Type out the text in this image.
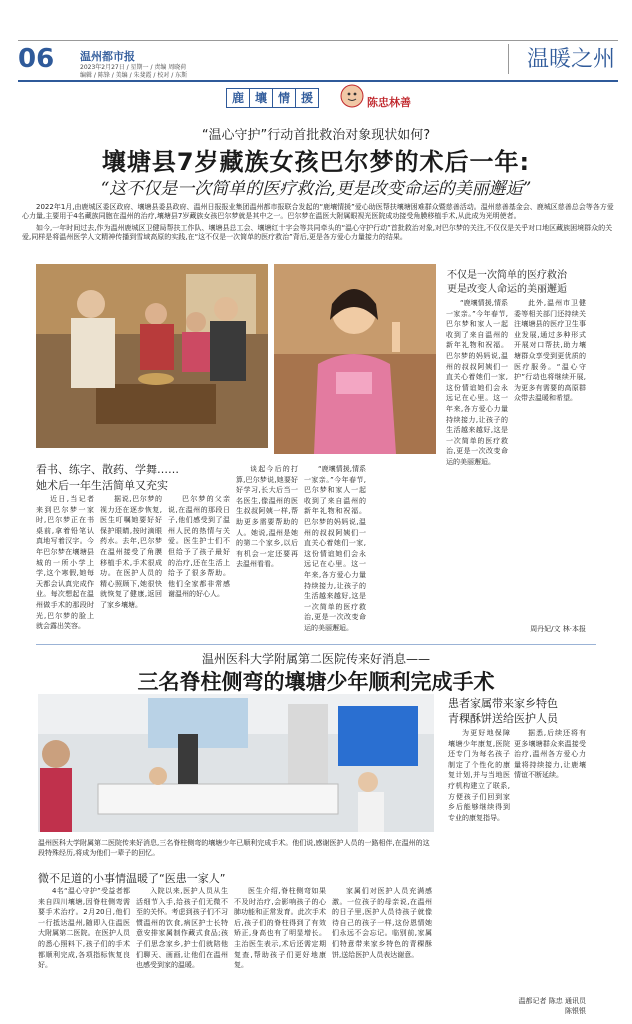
06 温州都市报
2023年2月27日 / 星期一 / 责编 周晓荷
编辑 / 陈锋 / 美编 / 朱斐霞 / 校对 / 东斯
温暖之州
鹿 壤 情 援	陈忠林善
“温心守护”行动首批救治对象现状如何?
壤塘县7岁藏族女孩巴尔梦的术后一年:
“这不仅是一次简单的医疗救治,更是改变命运的美丽邂逅”
2022年1月,由鹿城区委区政府、壤塘县委县政府、温州日报报业集团温州都市报联合发起的“鹿壤情援”爱心助医帮扶壤塘困难群众暨慈善活动。温州慈善基金会、鹿城区慈善总会等各方爱心力量,主要用于4名藏族同胞在温州的治疗,壤塘县7岁藏族女孩巴尔梦就是其中之一。巴尔梦在温医大附属眼视光医院成功接受角膜移植手术,从此成为光明使者。
如今,一年时间过去,作为温州鹿城区卫健局帮扶工作队、壤塘县总工会、壤塘红十字会等共同牵头的“温心守护行动”首批救治对象,对巴尔梦的关注,不仅仅是关乎对口地区藏族困境群众的关爱,同样是将温州医学人文精神传播到雪域高原的实践,在“这不仅是一次简单的医疗救治”背后,更是各方爱心力量接力的结果。
看书、练字、散药、学舞……
她术后一年生活简单又充实
不仅是一次简单的医疗救治
更是改变人命运的美丽邂逅

近日,当记者来到巴尔梦一家时,巴尔梦正在书桌前,拿着铅笔认真地写着汉字。今年巴尔梦在壤塘县城的一所小学上学,这个寒假,她每天都会认真完成作业。每次想起在温州做手术的那段时光,巴尔梦的脸上就会露出笑容。

据说,巴尔梦的视力还在逐步恢复,医生叮嘱她要好好保护眼睛,按时滴眼药水。去年,巴尔梦在温州接受了角膜移植手术,手术很成功。在医护人员的精心照顾下,她很快就恢复了健康,返回了家乡壤塘。

巴尔梦的父亲说,在温州的那段日子,他们感受到了温州人民的热情与关爱。医生护士们不但给予了孩子最好的治疗,还在生活上给予了很多帮助。他们全家都非常感谢温州的好心人。

谈起今后的打算,巴尔梦说,她要好好学习,长大后当一名医生,像温州的医生叔叔阿姨一样,帮助更多需要帮助的人。她说,温州是她的第二个家乡,以后有机会一定还要再去温州看看。

“鹿壤情援,情系一家亲。”今年春节,巴尔梦和家人一起收到了来自温州的新年礼物和祝福。巴尔梦的妈妈说,温州的叔叔阿姨们一直关心着她们一家,这份情谊她们会永远记在心里。这一年来,各方爱心力量持续接力,让孩子的生活越来越好,这是一次简单的医疗救治,更是一次改变命运的美丽邂逅。

“鹿壤情援,情系一家亲。”今年春节,巴尔梦和家人一起收到了来自温州的新年礼物和祝福。巴尔梦的妈妈说,温州的叔叔阿姨们一直关心着她们一家,这份情谊她们会永远记在心里。这一年来,各方爱心力量持续接力,让孩子的生活越来越好,这是一次简单的医疗救治,更是一次改变命运的美丽邂逅。

此外,温州市卫健委等相关部门还持续关注壤塘县的医疗卫生事业发展,通过多种形式开展对口帮扶,助力壤塘群众享受到更优质的医疗服务。“温心守护”行动也将继续开展,为更多有需要的高原群众带去温暖和希望。

周丹妃/文 林·本报
温州医科大学附属第二医院传来好消息——
三名脊柱侧弯的壤塘少年顺利完成手术
温州医科大学附属第二医院传来好消息,三名脊柱侧弯的壤塘少年已顺利完成手术。他们说,感谢医护人员的一路相伴,在温州的这段特殊经历,将成为他们一辈子的回忆。
微不足道的小事情温暖了“医患一家人”
患者家属带来家乡特色
青稞酥饼送给医护人员

4名“温心守护”受益者都来自四川壤塘,因脊柱侧弯需要手术治疗。2月20日,他们一行抵达温州,随即入住温医大附属第二医院。在医护人员的悉心照料下,孩子们的手术都顺利完成,各项指标恢复良好。

入院以来,医护人员从生活细节入手,给孩子们无微不至的关怀。考虑到孩子们不习惯温州的饮食,病区护士长特意安排家属制作藏式食品;孩子们思念家乡,护士们就陪他们聊天、画画,让他们在温州也感受到家的温暖。

医生介绍,脊柱侧弯如果不及时治疗,会影响孩子的心肺功能和正常发育。此次手术后,孩子们的脊柱得到了有效矫正,身高也有了明显增长。主治医生表示,术后还需定期复查,帮助孩子们更好地康复。

家属们对医护人员充满感激。一位孩子的母亲说,在温州的日子里,医护人员待孩子就像待自己的孩子一样,这份恩情她们永远不会忘记。临别前,家属们特意带来家乡特色的青稞酥饼,送给医护人员表达谢意。

为更好地保障壤塘少年康复,医院还专门为每名孩子制定了个性化的康复计划,并与当地医疗机构建立了联系,方便孩子们回到家乡后能够继续得到专业的康复指导。

据悉,后续还将有更多壤塘群众来温接受治疗,温州各方爱心力量将持续接力,让鹿壤情谊不断延续。

温都记者 陈忠 通讯员 陈银银
